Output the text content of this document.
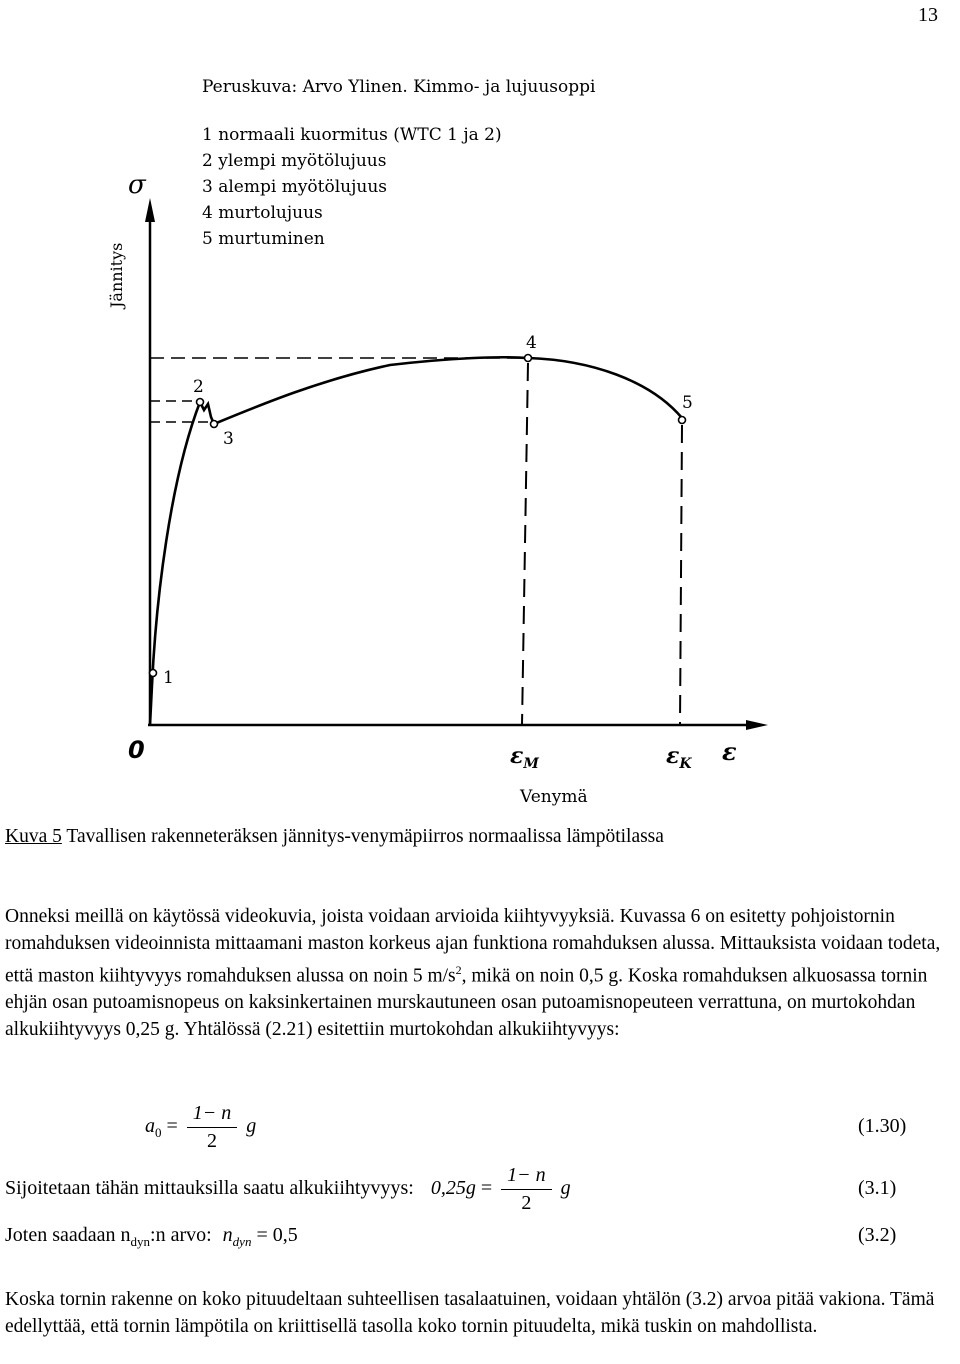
13
Peruskuva: Arvo Ylinen. Kimmo- ja lujuusoppi
1 normaali kuormitus (WTC 1 ja 2)
2 ylempi myötölujuus
3 alempi myötölujuus
4 murtolujuus
5 murtuminen
σ
Jännitys
0	ε
$\varepsilon_M$	$\varepsilon_K$
Venymä
1
2
3
4
5
Kuva 5 Tavallisen rakenneteräksen jännitys-venymäpiirros normaalissa lämpötilassa

Onneksi meillä on käytössä videokuvia, joista voidaan arvioida kiihtyvyyksiä. Kuvassa 6 on esitetty pohjoistornin romahduksen videoinnista mittaamani maston korkeus ajan funktiona romahduksen alussa. Mittauksista voidaan todeta, että maston kiihtyvyys romahduksen alussa on noin 5 $m/s^2$, mikä on noin 0,5 g. Koska romahduksen alkuosassa tornin ehjän osan putoamisnopeus on kaksinkertainen murskautuneen osan putoamisnopeuteen verrattuna, on murtokohdan alkukiihtyvyys 0,25 g. Yhtälössä (2.21) esitettiin murtokohdan alkukiihtyvyys:

$a_0 = \frac{1- n}{2}$ g	(1.30)
Sijoitetaan tähän mittauksilla saatu alkukiihtyvyys: $0,25g = \frac{1- n}{2}$ g	(3.1)
Joten saadaan $n_{dyn}:n$ arvo: $n_{dyn} = 0,5$	(3.2)

Koska tornin rakenne on koko pituudeltaan suhteellisen tasalaatuinen, voidaan yhtälön (3.2) arvoa pitää vakiona. Tämä edellyttää, että tornin lämpötila on kriittisellä tasolla koko tornin pituudelta, mikä tuskin on mahdollista.
